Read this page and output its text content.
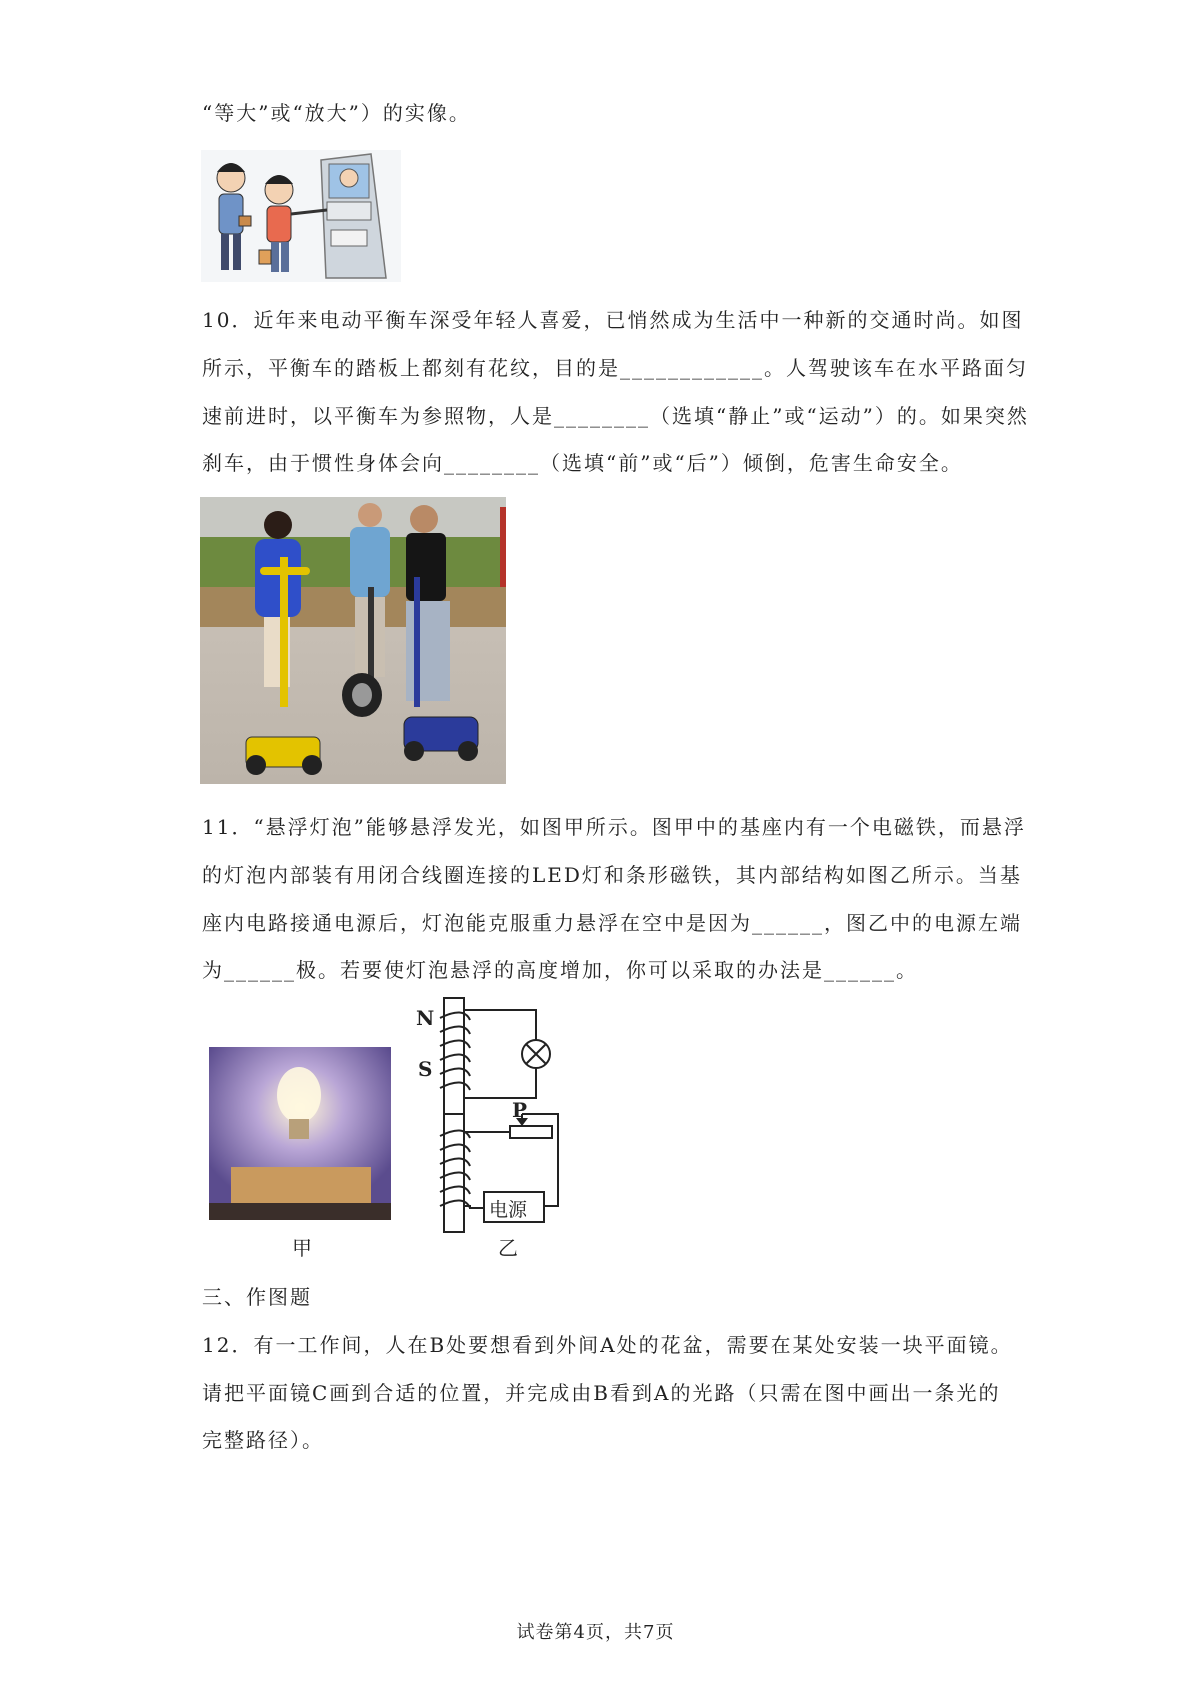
“等大”或“放大”）的实像。
10．近年来电动平衡车深受年轻人喜爱，已悄然成为生活中一种新的交通时尚。如图
所示，平衡车的踏板上都刻有花纹，目的是____________。人驾驶该车在水平路面匀
速前进时，以平衡车为参照物，人是________（选填“静止”或“运动”）的。如果突然
刹车，由于惯性身体会向________（选填“前”或“后”）倾倒，危害生命安全。
11．“悬浮灯泡”能够悬浮发光，如图甲所示。图甲中的基座内有一个电磁铁，而悬浮
的灯泡内部装有用闭合线圈连接的LED灯和条形磁铁，其内部结构如图乙所示。当基
座内电路接通电源后，灯泡能克服重力悬浮在空中是因为______，图乙中的电源左端
为______极。若要使灯泡悬浮的高度增加，你可以采取的办法是______。
甲
N
S
P
电源
乙
三、作图题
12．有一工作间，人在B处要想看到外间A处的花盆，需要在某处安装一块平面镜。
请把平面镜C画到合适的位置，并完成由B看到A的光路（只需在图中画出一条光的
完整路径）。
试卷第4页，共7页
